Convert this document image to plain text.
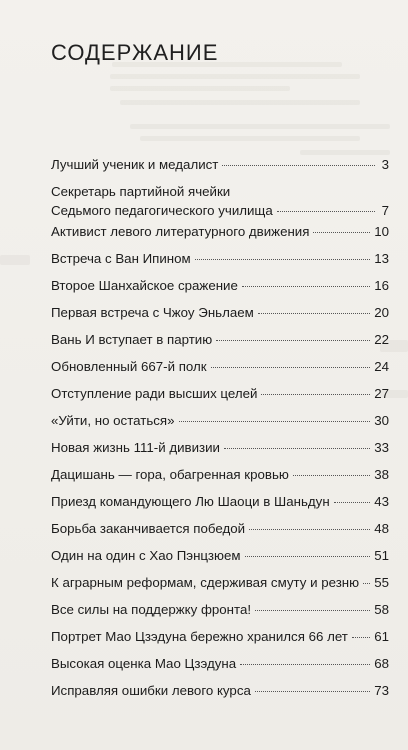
СОДЕРЖАНИЕ
Лучший ученик и медалист	3
Секретарь партийной ячейки
Седьмого педагогического училища	7
Активист левого литературного движения	10
Встреча с Ван Ипином	13
Второе Шанхайское сражение	16
Первая встреча с Чжоу Эньлаем	20
Вань И вступает в партию	22
Обновленный 667-й полк	24
Отступление ради высших целей	27
«Уйти, но остаться»	30
Новая жизнь 111-й дивизии	33
Дацишань — гора, обагренная кровью	38
Приезд командующего Лю Шаоци в Шаньдун	43
Борьба заканчивается победой	48
Один на один с Хао Пэнцзюем	51
К аграрным реформам, сдерживая смуту и резню 55
Все силы на поддержку фронта!	58
Портрет Мао Цзэдуна бережно хранился 66 лет 61
Высокая оценка Мао Цзэдуна	68
Исправляя ошибки левого курса	73
